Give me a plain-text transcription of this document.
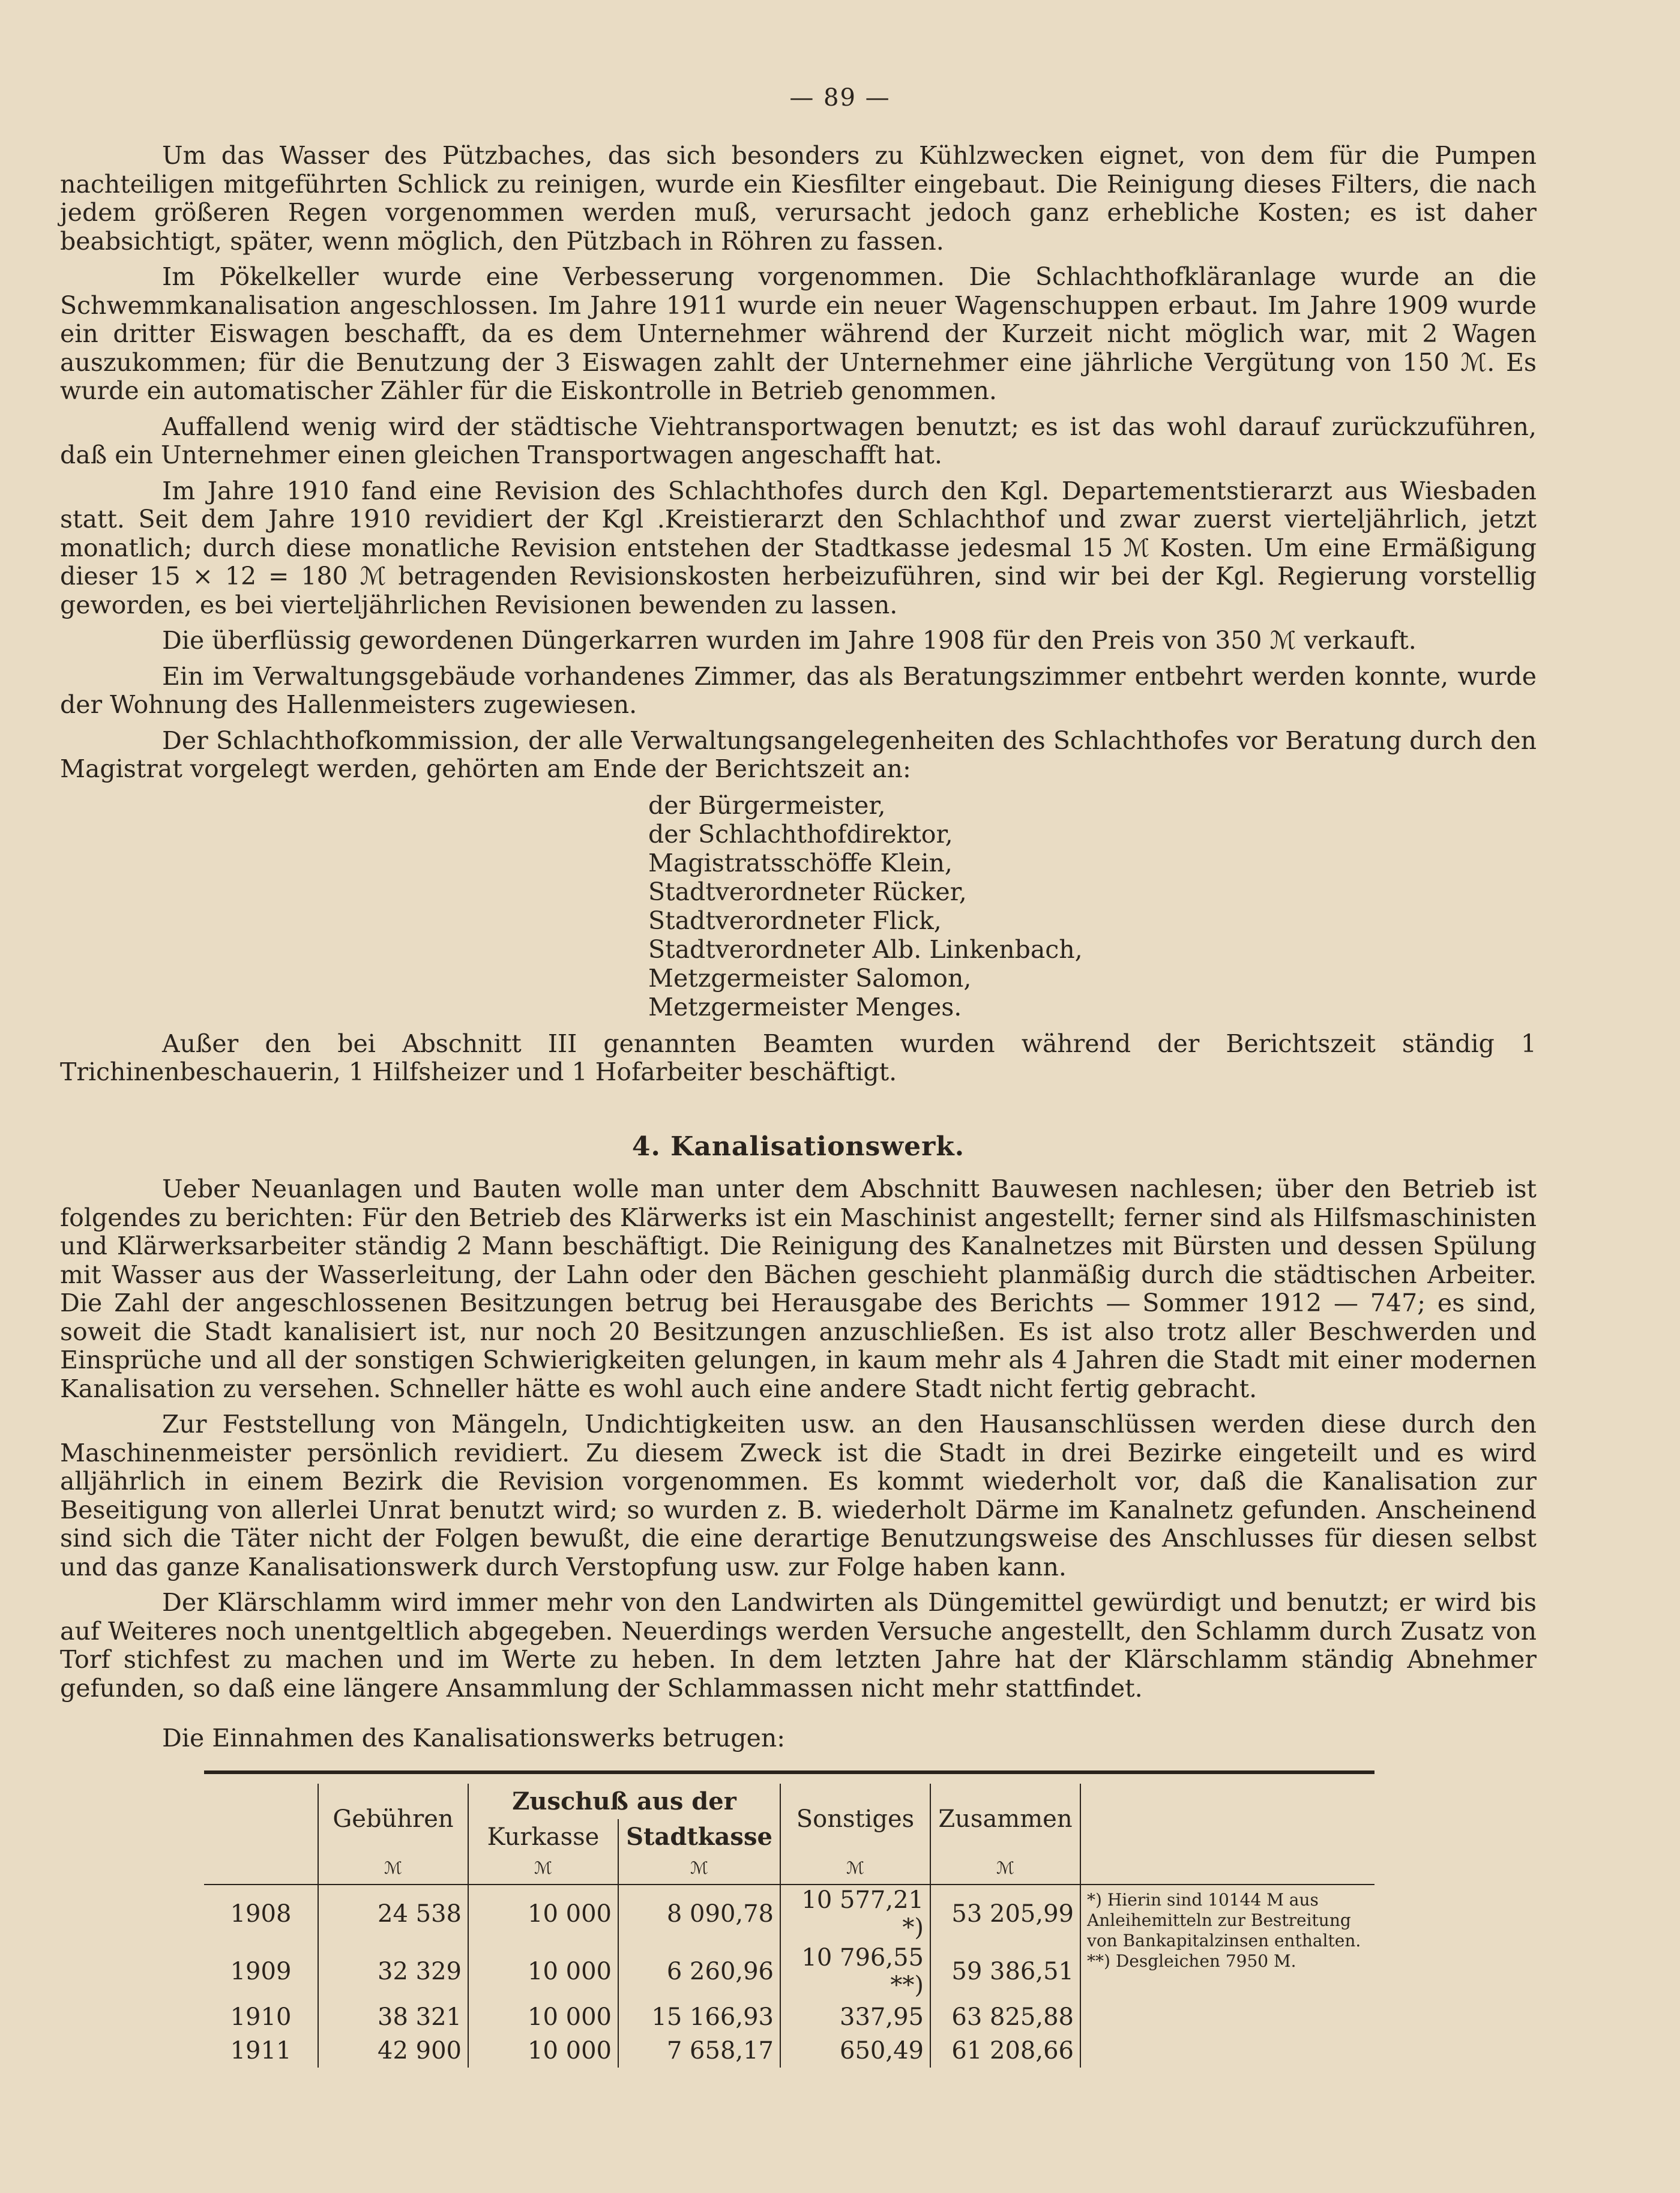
— 89 —

Um das Wasser des Pützbaches, das sich besonders zu Kühlzwecken eignet, von dem für die Pumpen nachteiligen mitgeführten Schlick zu reinigen, wurde ein Kiesfilter eingebaut. Die Reinigung dieses Filters, die nach jedem größeren Regen vorgenommen werden muß, verursacht jedoch ganz erhebliche Kosten; es ist daher beabsichtigt, später, wenn möglich, den Pützbach in Röhren zu fassen.

Im Pökelkeller wurde eine Verbesserung vorgenommen. Die Schlachthofkläranlage wurde an die Schwemmkanalisation angeschlossen. Im Jahre 1911 wurde ein neuer Wagenschuppen erbaut. Im Jahre 1909 wurde ein dritter Eiswagen beschafft, da es dem Unternehmer während der Kurzeit nicht möglich war, mit 2 Wagen auszukommen; für die Benutzung der 3 Eiswagen zahlt der Unternehmer eine jährliche Vergütung von 150 ℳ. Es wurde ein automatischer Zähler für die Eiskontrolle in Betrieb genommen.

Auffallend wenig wird der städtische Viehtransportwagen benutzt; es ist das wohl darauf zurückzuführen, daß ein Unternehmer einen gleichen Transportwagen angeschafft hat.

Im Jahre 1910 fand eine Revision des Schlachthofes durch den Kgl. Departementstierarzt aus Wiesbaden statt. Seit dem Jahre 1910 revidiert der Kgl .Kreistierarzt den Schlachthof und zwar zuerst vierteljährlich, jetzt monatlich; durch diese monatliche Revision entstehen der Stadtkasse jedesmal 15 ℳ Kosten. Um eine Ermäßigung dieser 15 × 12 = 180 ℳ betragenden Revisionskosten herbeizuführen, sind wir bei der Kgl. Regierung vorstellig geworden, es bei vierteljährlichen Revisionen bewenden zu lassen.

Die überflüssig gewordenen Düngerkarren wurden im Jahre 1908 für den Preis von 350 ℳ verkauft.

Ein im Verwaltungsgebäude vorhandenes Zimmer, das als Beratungszimmer entbehrt werden konnte, wurde der Wohnung des Hallenmeisters zugewiesen.

Der Schlachthofkommission, der alle Verwaltungsangelegenheiten des Schlachthofes vor Beratung durch den Magistrat vorgelegt werden, gehörten am Ende der Berichtszeit an:

der Bürgermeister,
der Schlachthofdirektor,
Magistratsschöffe Klein,
Stadtverordneter Rücker,
Stadtverordneter Flick,
Stadtverordneter Alb. Linkenbach,
Metzgermeister Salomon,
Metzgermeister Menges.

Außer den bei Abschnitt III genannten Beamten wurden während der Berichtszeit ständig 1 Trichinenbeschauerin, 1 Hilfsheizer und 1 Hofarbeiter beschäftigt.

4. Kanalisationswerk.

Ueber Neuanlagen und Bauten wolle man unter dem Abschnitt Bauwesen nachlesen; über den Betrieb ist folgendes zu berichten: Für den Betrieb des Klärwerks ist ein Maschinist angestellt; ferner sind als Hilfsmaschinisten und Klärwerksarbeiter ständig 2 Mann beschäftigt. Die Reinigung des Kanalnetzes mit Bürsten und dessen Spülung mit Wasser aus der Wasserleitung, der Lahn oder den Bächen geschieht planmäßig durch die städtischen Arbeiter. Die Zahl der angeschlossenen Besitzungen betrug bei Herausgabe des Berichts — Sommer 1912 — 747; es sind, soweit die Stadt kanalisiert ist, nur noch 20 Besitzungen anzuschließen. Es ist also trotz aller Beschwerden und Einsprüche und all der sonstigen Schwierigkeiten gelungen, in kaum mehr als 4 Jahren die Stadt mit einer modernen Kanalisation zu versehen. Schneller hätte es wohl auch eine andere Stadt nicht fertig gebracht.

Zur Feststellung von Mängeln, Undichtigkeiten usw. an den Hausanschlüssen werden diese durch den Maschinenmeister persönlich revidiert. Zu diesem Zweck ist die Stadt in drei Bezirke eingeteilt und es wird alljährlich in einem Bezirk die Revision vorgenommen. Es kommt wiederholt vor, daß die Kanalisation zur Beseitigung von allerlei Unrat benutzt wird; so wurden z. B. wiederholt Därme im Kanalnetz gefunden. Anscheinend sind sich die Täter nicht der Folgen bewußt, die eine derartige Benutzungsweise des Anschlusses für diesen selbst und das ganze Kanalisationswerk durch Verstopfung usw. zur Folge haben kann.

Der Klärschlamm wird immer mehr von den Landwirten als Düngemittel gewürdigt und benutzt; er wird bis auf Weiteres noch unentgeltlich abgegeben. Neuerdings werden Versuche angestellt, den Schlamm durch Zusatz von Torf stichfest zu machen und im Werte zu heben. In dem letzten Jahre hat der Klärschlamm ständig Abnehmer gefunden, so daß eine längere Ansammlung der Schlammassen nicht mehr stattfindet.

Die Einnahmen des Kanalisationswerks betrugen:

	Gebühren	Zuschuß aus der		Sonstiges	Zusammen	
		Kurkasse	Stadtkasse			
	ℳ	ℳ	ℳ	ℳ	ℳ	
1908	24 538	10 000	8 090,78	10 577,21 *)	53 205,99	*) Hierin sind 10144 M aus Anleihemitteln zur Bestreitung von Bankapitalzinsen enthalten.
**) Desgleichen 7950 M.

1909	32 329	10 000	6 260,96	10 796,55 **)	59 386,51	
1910	38 321	10 000	15 166,93	337,95	63 825,88	
1911	42 900	10 000	7 658,17	650,49	61 208,66	
